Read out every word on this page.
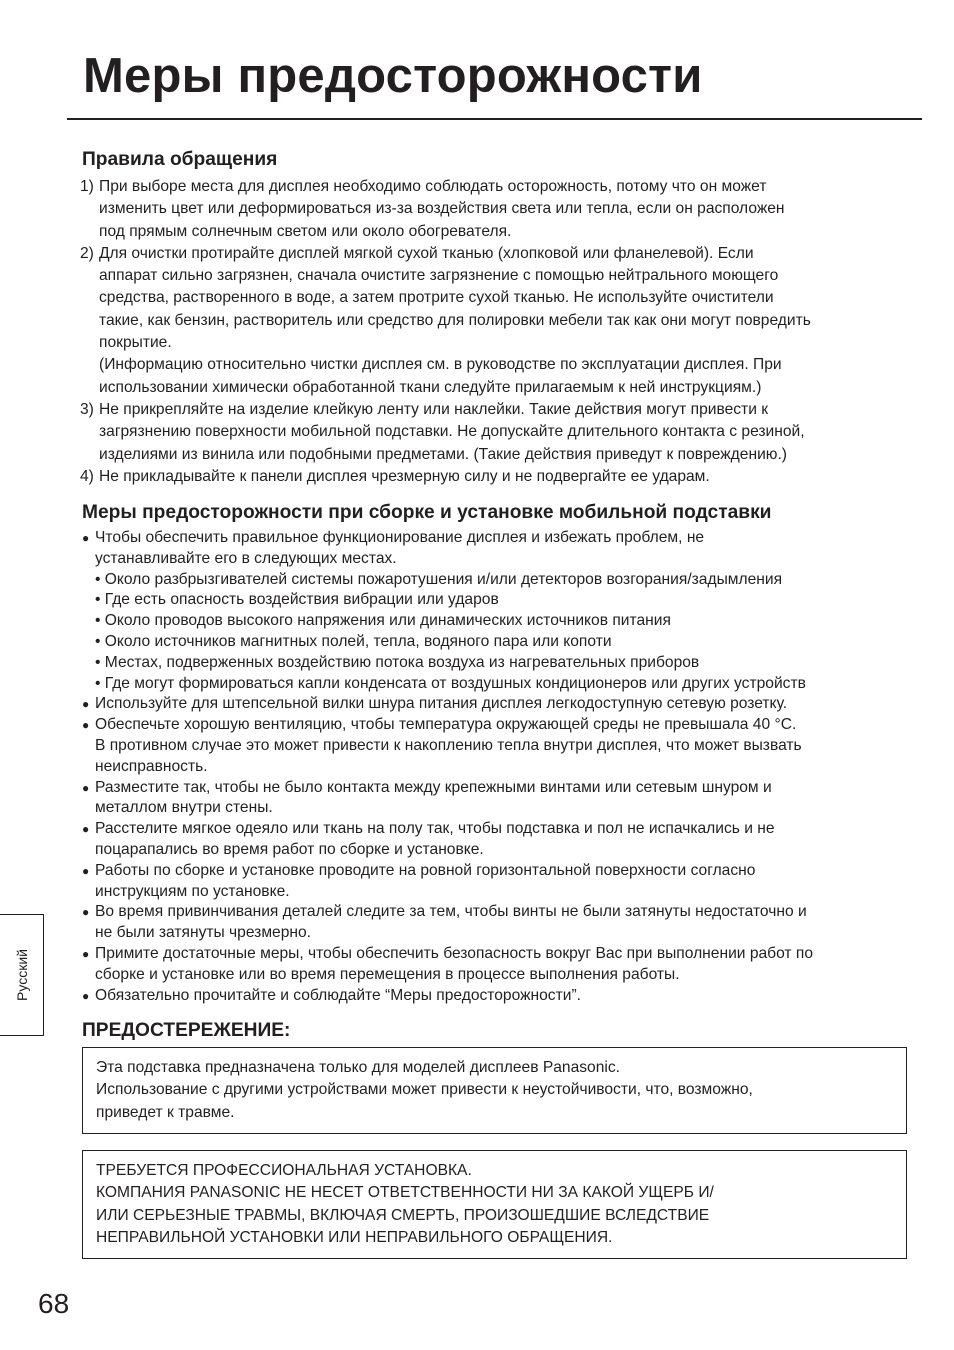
Меры предосторожности
Правила обращения
1) При выборе места для дисплея необходимо соблюдать осторожность, потому что он может
изменить цвет или деформироваться из-за воздействия света или тепла, если он расположен
под прямым солнечным светом или около обогревателя.
2) Для очистки протирайте дисплей мягкой сухой тканью (хлопковой или фланелевой). Если
аппарат сильно загрязнен, сначала очистите загрязнение с помощью нейтрального моющего
средства, растворенного в воде, а затем протрите сухой тканью. Не используйте очистители
такие, как бензин, растворитель или средство для полировки мебели так как они могут повредить
покрытие.
(Информацию относительно чистки дисплея см. в руководстве по эксплуатации дисплея. При
использовании химически обработанной ткани следуйте прилагаемым к ней инструкциям.)
3) Не прикрепляйте на изделие клейкую ленту или наклейки. Такие действия могут привести к
загрязнению поверхности мобильной подставки. Не допускайте длительного контакта с резиной,
изделиями из винила или подобными предметами. (Такие действия приведут к повреждению.)
4) Не прикладывайте к панели дисплея чрезмерную силу и не подвергайте ее ударам.
Меры предосторожности при сборке и установке мобильной подставки
● Чтобы обеспечить правильное функционирование дисплея и избежать проблем, не
устанавливайте его в следующих местах.
• Около разбрызгивателей системы пожаротушения и/или детекторов возгорания/задымления
• Где есть опасность воздействия вибрации или ударов
• Около проводов высокого напряжения или динамических источников питания
• Около источников магнитных полей, тепла, водяного пара или копоти
• Местах, подверженных воздействию потока воздуха из нагревательных приборов
• Где могут формироваться капли конденсата от воздушных кондиционеров или других устройств
● Используйте для штепсельной вилки шнура питания дисплея легкодоступную сетевую розетку.
● Обеспечьте хорошую вентиляцию, чтобы температура окружающей среды не превышала 40 °C.
В противном случае это может привести к накоплению тепла внутри дисплея, что может вызвать
неисправность.
● Разместите так, чтобы не было контакта между крепежными винтами или сетевым шнуром и
металлом внутри стены.
● Расстелите мягкое одеяло или ткань на полу так, чтобы подставка и пол не испачкались и не
поцарапались во время работ по сборке и установке.
● Работы по сборке и установке проводите на ровной горизонтальной поверхности согласно
инструкциям по установке.
● Во время привинчивания деталей следите за тем, чтобы винты не были затянуты недостаточно и
не были затянуты чрезмерно.
● Примите достаточные меры, чтобы обеспечить безопасность вокруг Вас при выполнении работ по
сборке и установке или во время перемещения в процессе выполнения работы.
● Обязательно прочитайте и соблюдайте “Меры предосторожности”.
ПРЕДОСТЕРЕЖЕНИЕ:
Эта подставка предназначена только для моделей дисплеев Panasonic.
Использование с другими устройствами может привести к неустойчивости, что, возможно,
приведет к травме.
ТРЕБУЕТСЯ ПРОФЕССИОНАЛЬНАЯ УСТАНОВКА.
КОМПАНИЯ PANASONIC НЕ НЕСЕТ ОТВЕТСТВЕННОСТИ НИ ЗА КАКОЙ УЩЕРБ И/
ИЛИ СЕРЬЕЗНЫЕ ТРАВМЫ, ВКЛЮЧАЯ СМЕРТЬ, ПРОИЗОШЕДШИЕ ВСЛЕДСТВИЕ
НЕПРАВИЛЬНОЙ УСТАНОВКИ ИЛИ НЕПРАВИЛЬНОГО ОБРАЩЕНИЯ.
Русский
68
